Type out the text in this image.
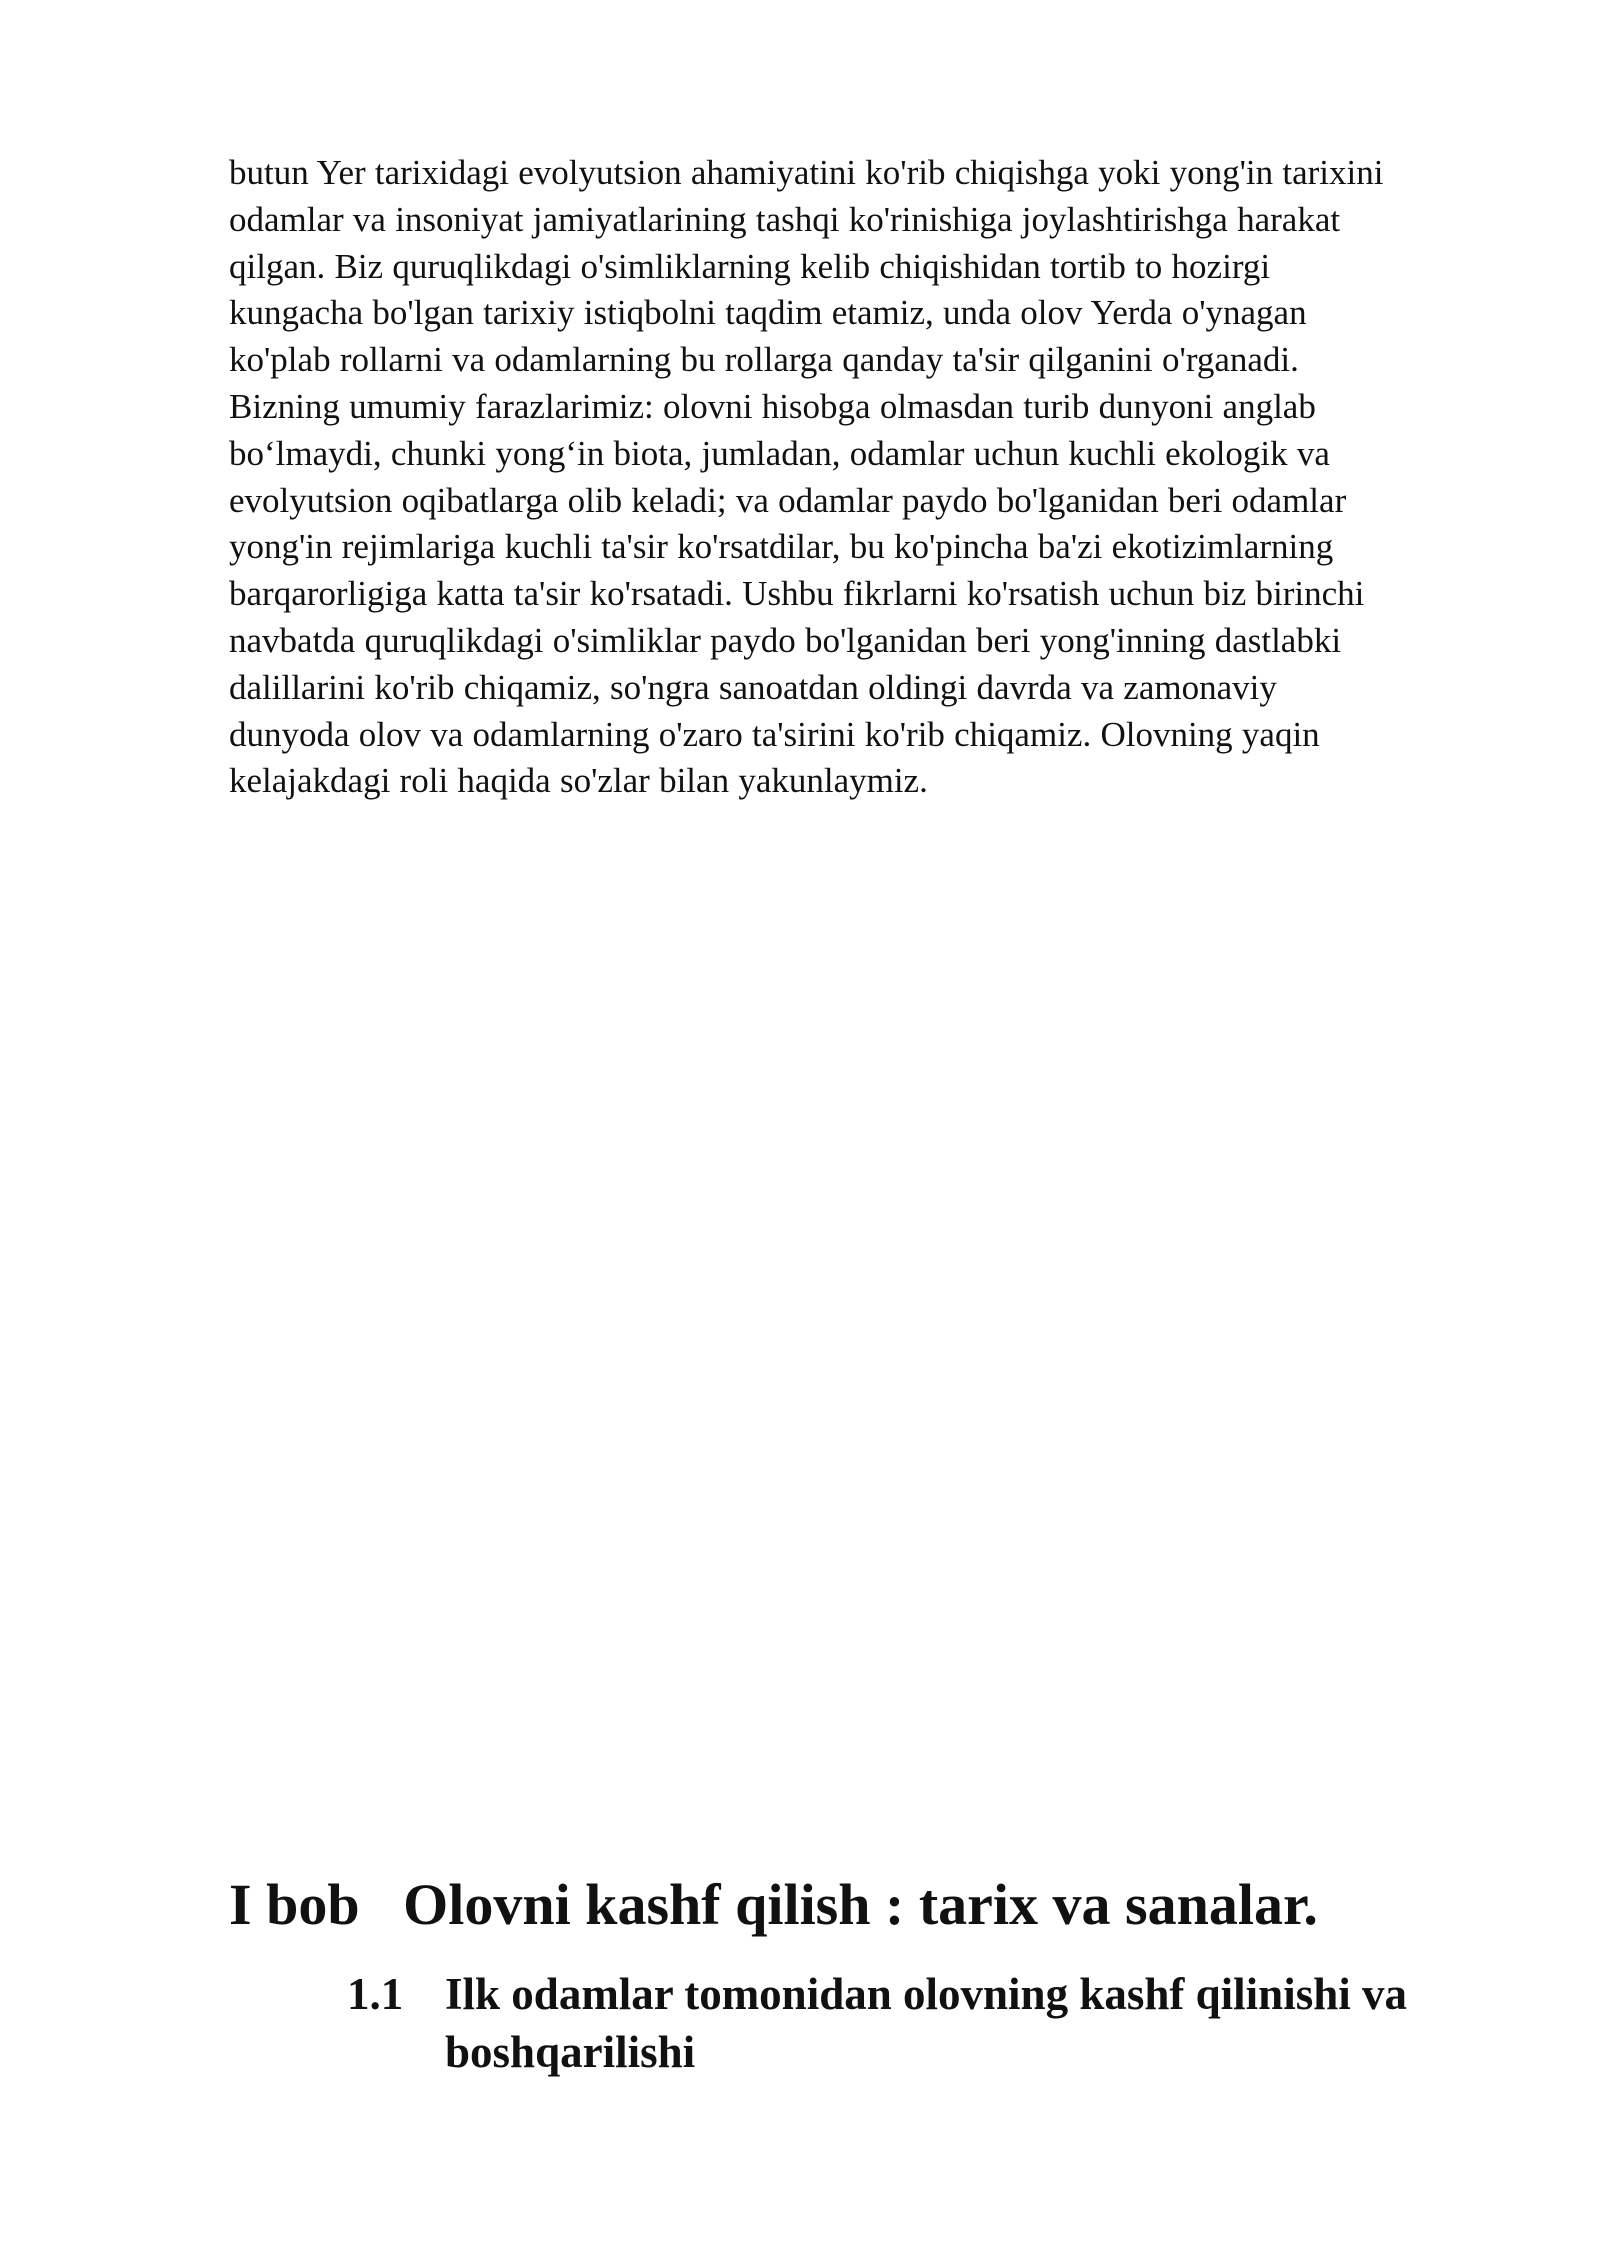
butun Yer tarixidagi evolyutsion ahamiyatini ko'rib chiqishga yoki yong'in tarixini
odamlar va insoniyat jamiyatlarining tashqi ko'rinishiga joylashtirishga harakat
qilgan. Biz quruqlikdagi o'simliklarning kelib chiqishidan tortib to hozirgi
kungacha bo'lgan tarixiy istiqbolni taqdim etamiz, unda olov Yerda o'ynagan
ko'plab rollarni va odamlarning bu rollarga qanday ta'sir qilganini o'rganadi.
Bizning umumiy farazlarimiz: olovni hisobga olmasdan turib dunyoni anglab
bo‘lmaydi, chunki yong‘in biota, jumladan, odamlar uchun kuchli ekologik va
evolyutsion oqibatlarga olib keladi; va odamlar paydo bo'lganidan beri odamlar
yong'in rejimlariga kuchli ta'sir ko'rsatdilar, bu ko'pincha ba'zi ekotizimlarning
barqarorligiga katta ta'sir ko'rsatadi. Ushbu fikrlarni ko'rsatish uchun biz birinchi
navbatda quruqlikdagi o'simliklar paydo bo'lganidan beri yong'inning dastlabki
dalillarini ko'rib chiqamiz, so'ngra sanoatdan oldingi davrda va zamonaviy
dunyoda olov va odamlarning o'zaro ta'sirini ko'rib chiqamiz. Olovning yaqin
kelajakdagi roli haqida so'zlar bilan yakunlaymiz.

I bob   Olovni kashf qilish : tarix va sanalar.
1.1 Ilk odamlar tomonidan olovning kashf qilinishi va
boshqarilishi
